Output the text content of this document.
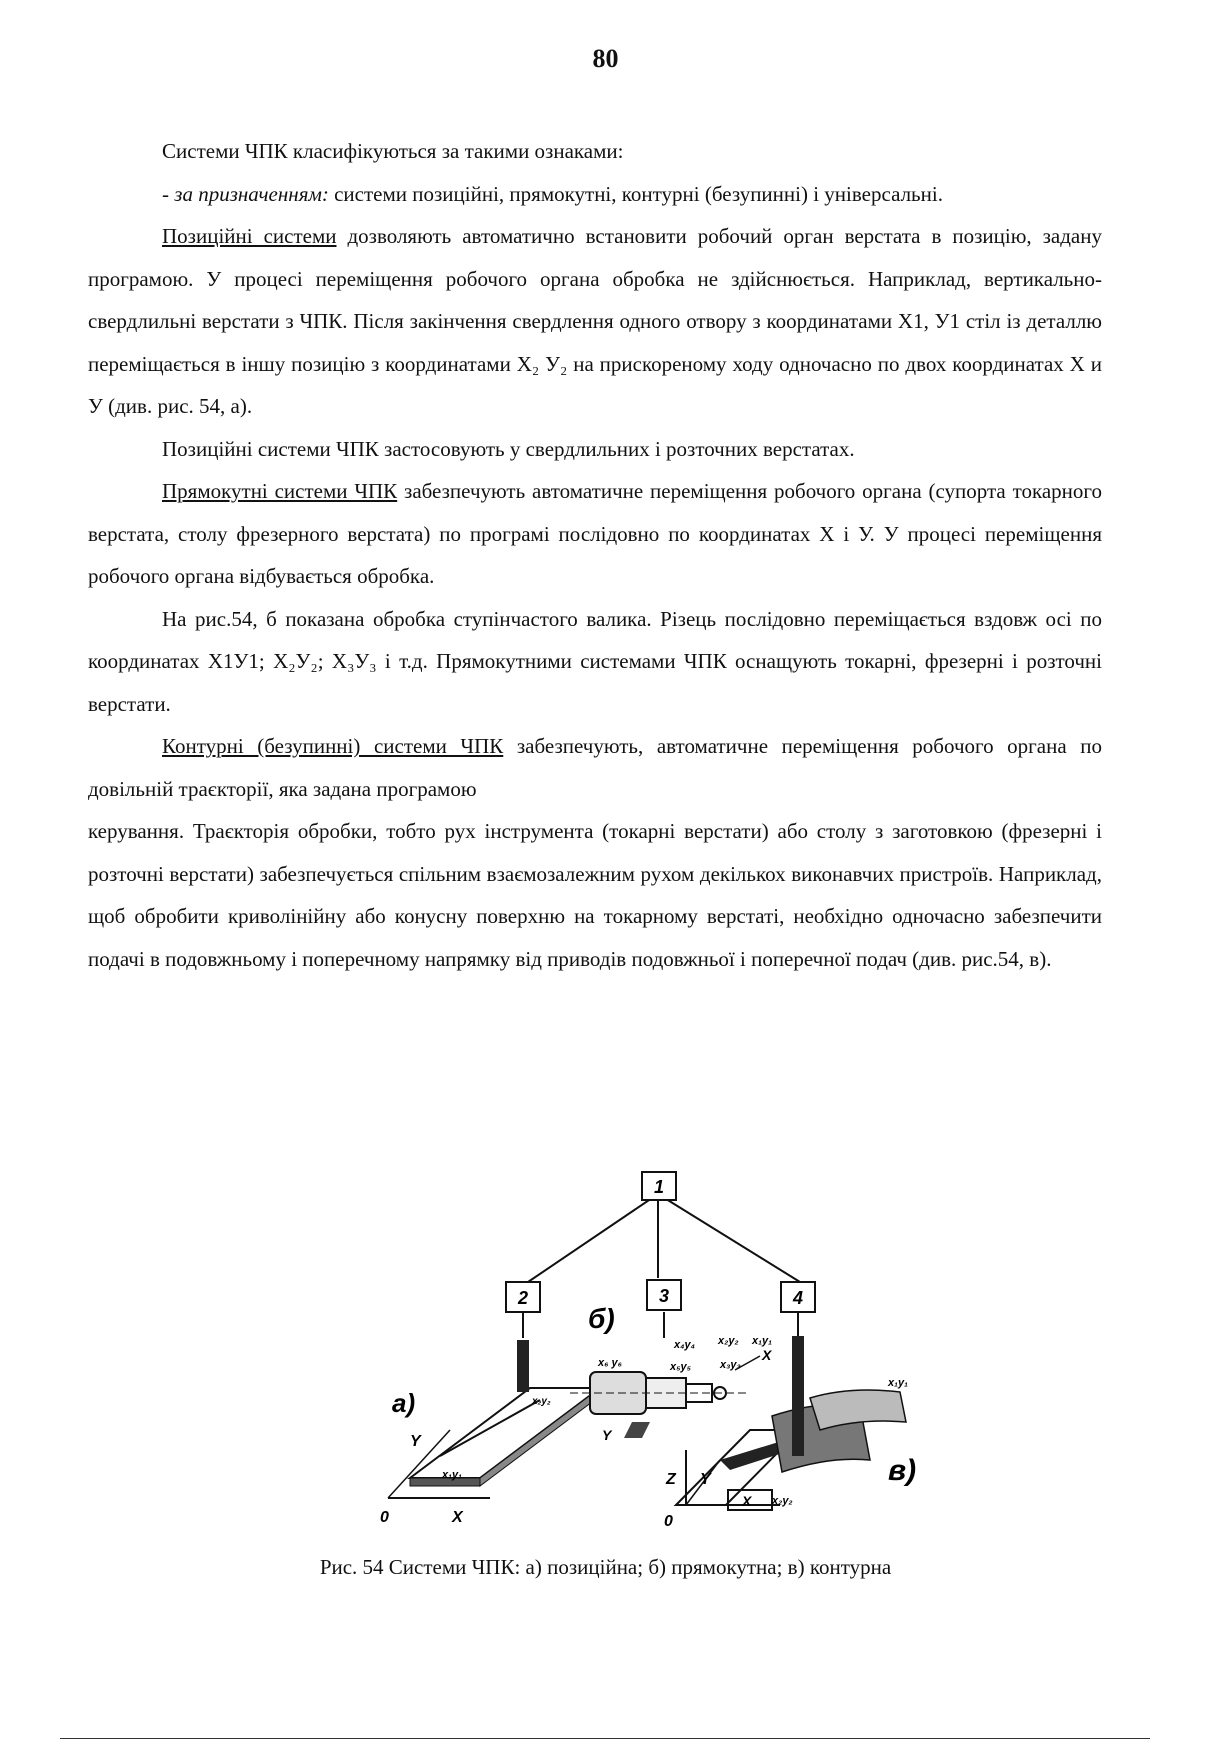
80

Системи ЧПК класифікуються за такими ознаками:

- за призначенням: системи позиційні, прямокутні, контурні (безупинні) і універсальні.

Позиційні системи дозволяють автоматично встановити робочий орган верстата в позицію, задану програмою. У процесі переміщення робочого органа обробка не здійснюється. Наприклад, вертикально-свердлильні верстати з ЧПК. Після закінчення свердлення одного отвору з координатами X1, У1 стіл із деталлю переміщається в іншу позицію з координатами X₂ У₂ на прискореному ходу одночасно по двох координатах X и У (див. рис. 54, а).

Позиційні системи ЧПК застосовують у свердлильних і розточних верстатах.

Прямокутні системи ЧПК забезпечують автоматичне переміщення робочого органа (супорта токарного верстата, столу фрезерного верстата) по програмі послідовно по координатах X і У. У процесі переміщення робочого органа відбувається обробка.

На рис.54, б показана обробка ступінчастого валика. Різець послідовно переміщається вздовж осі по координатах X1У1; X₂У₂; X₃У₃ і т.д. Прямокутними системами ЧПК оснащують токарні, фрезерні і розточні верстати.

Контурні (безупинні) системи ЧПК забезпечують, автоматичне переміщення робочого органа по довільній траєкторії, яка задана програмою

керування. Траєкторія обробки, тобто рух інструмента (токарні верстати) або столу з заготовкою (фрезерні і розточні верстати) забезпечується спільним взаємозалежним рухом декількох виконавчих пристроїв. Наприклад, щоб обробити криволінійну або конусну поверхню на токарному верстаті, необхідно одночасно забезпечити подачі в подовжньому і поперечному напрямку від приводів подовжньої і поперечної подач (див. рис.54, в).

1
2	3	4
а)
0	X
Y
x₁y₁
x₂y₂
б)
x₄y₄ x₂y₂ x₁y₁
x₆ y₆	x₅y₅	x₃y₃
X
Y
Z Y
0
X x₂y₂
x₁y₁
в)
Рис. 54 Системи ЧПК: а) позиційна; б) прямокутна; в) контурна
